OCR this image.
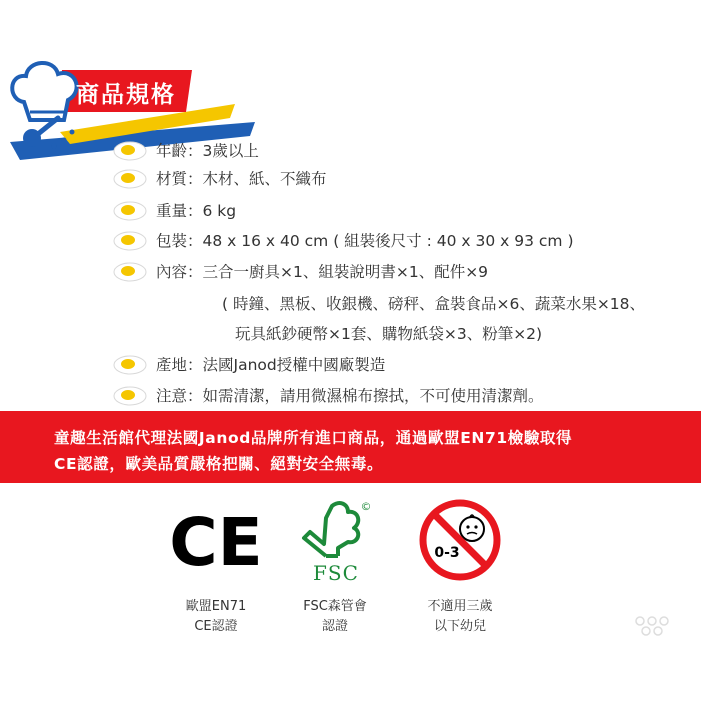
商品規格
年齡：3歲以上
材質：木材、紙、不織布
重量：6 kg
包裝：48 x 16 x 40 cm ( 組裝後尺寸 : 40 x 30 x 93 cm )
內容：三合一廚具×1、組裝說明書×1、配件×9
( 時鐘、黑板、收銀機、磅秤、盒裝食品×6、蔬菜水果×18、
玩具紙鈔硬幣×1套、購物紙袋×3、粉筆×2)
產地：法國Janod授權中國廠製造
注意：如需清潔，請用微濕棉布擦拭，不可使用清潔劑。
童趣生活館代理法國Janod品牌所有進口商品，通過歐盟EN71檢驗取得
CE認證，歐美品質嚴格把關、絕對安全無毒。
CE
歐盟EN71
CE認證
©
FSC
FSC森管會
認證
0-3
不適用三歲
以下幼兒
